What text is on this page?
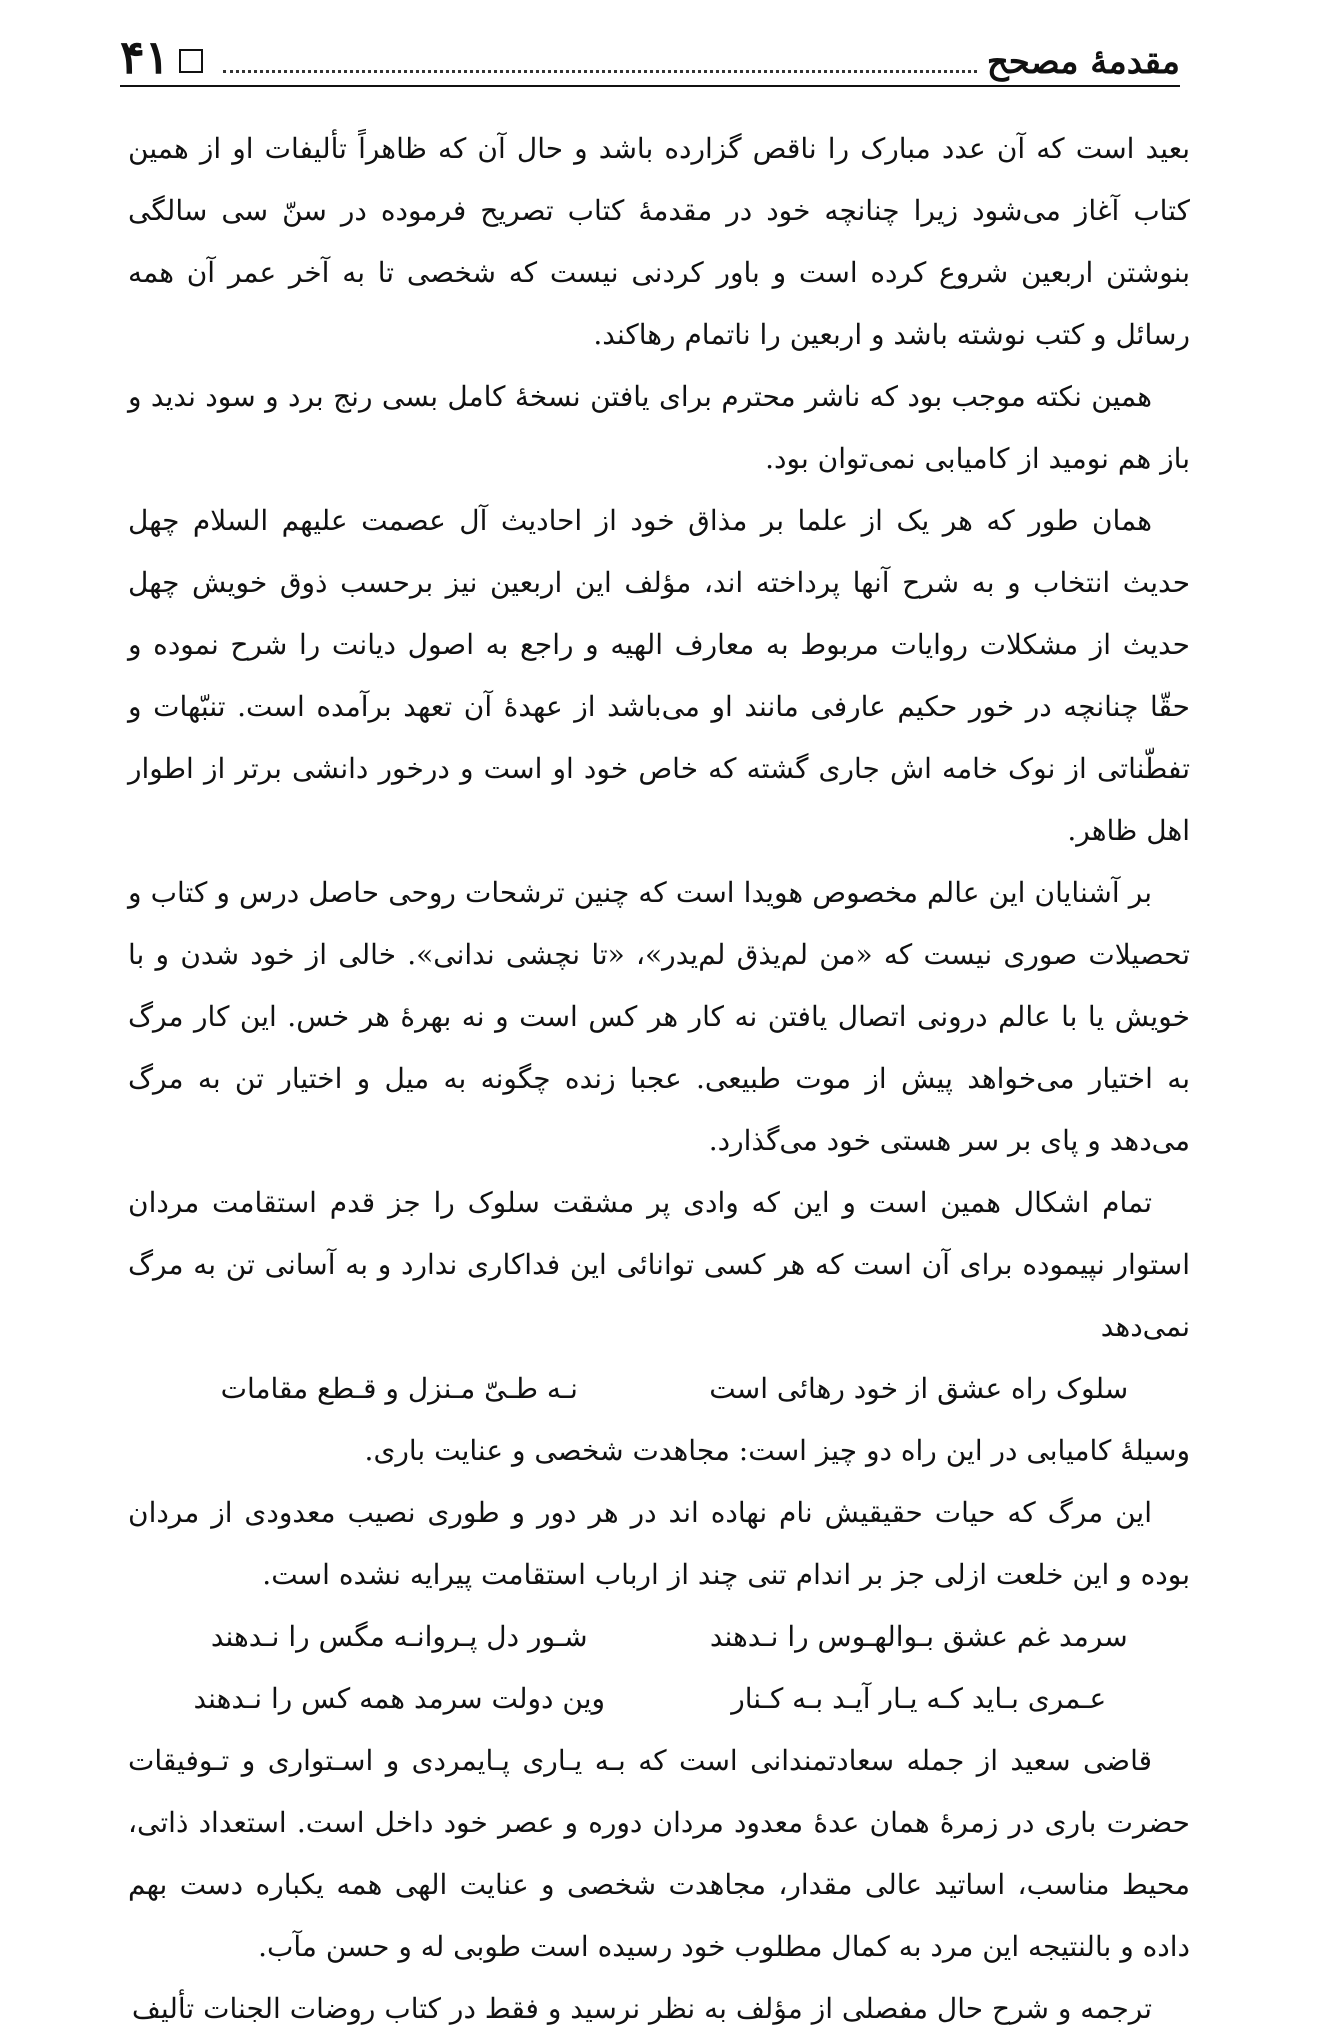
مقدمۀ مصحح
۴۱

بعید است که آن عدد مبارک را ناقص گزارده باشد و حال آن که ظاهراً تألیفات او از همین کتاب آغاز می‌شود زیرا چنانچه خود در مقدمۀ کتاب تصریح فرموده در سنّ سی سالگی بنوشتن اربعین شروع کرده است و باور کردنی نیست که شخصی تا به آخر عمر آن همه رسائل و کتب نوشته باشد و اربعین را ناتمام رهاکند.

همین نکته موجب بود که ناشر محترم برای یافتن نسخۀ کامل بسی رنج برد و سود ندید و باز هم نومید از کامیابی نمی‌توان بود.

همان طور که هر یک از علما بر مذاق خود از احادیث آل عصمت علیهم السلام چهل حدیث انتخاب و به شرح آنها پرداخته اند، مؤلف این اربعین نیز برحسب ذوق خویش چهل حدیث از مشکلات روایات مربوط به معارف الهیه و راجع به اصول دیانت را شرح نموده و حقّا چنانچه در خور حکیم عارفی مانند او می‌باشد از عهدۀ آن تعهد برآمده است. تنبّهات و تفطّناتی از نوک خامه اش جاری گشته که خاص خود او است و درخور دانشی برتر از اطوار اهل ظاهر.

بر آشنایان این عالم مخصوص هویدا است که چنین ترشحات روحی حاصل درس و کتاب و تحصیلات صوری نیست که «من لم‌یذق لم‌یدر»، «تا نچشی ندانی». خالی از خود شدن و با خویش یا با عالم درونی اتصال یافتن نه کار هر کس است و نه بهرۀ هر خس. این کار مرگ به اختیار می‌خواهد پیش از موت طبیعی. عجبا زنده چگونه به میل و اختیار تن به مرگ می‌دهد و پای بر سر هستی خود می‌گذارد.

تمام اشکال همین است و این که وادی پر مشقت سلوک را جز قدم استقامت مردان استوار نپیموده برای آن است که هر کسی توانائی این فداکاری ندارد و به آسانی تن به مرگ نمی‌دهد

سلوک راه عشق از خود رهائی است
نـه طـیّ مـنزل و قـطع مقامات

وسیلۀ کامیابی در این راه دو چیز است: مجاهدت شخصی و عنایت باری.

این مرگ که حیات حقیقیش نام نهاده اند در هر دور و طوری نصیب معدودی از مردان بوده و این خلعت ازلی جز بر اندام تنی چند از ارباب استقامت پیرایه نشده است.

سرمد غم عشق بـوالهـوس را نـدهند
شـور دل پـروانـه مگس را نـدهند
عـمری بـاید کـه یـار آیـد بـه کـنار
وین دولت سرمد همه کس را نـدهند

قاضی سعید از جمله سعادتمندانی است که بـه یـاری پـایمردی و اسـتواری و تـوفیقات حضرت باری در زمرۀ همان عدۀ معدود مردان دوره و عصر خود داخل است. استعداد ذاتی، محیط مناسب، اساتید عالی مقدار، مجاهدت شخصی و عنایت الهی همه یکباره دست بهم داده و بالنتیجه این مرد به کمال مطلوب خود رسیده است طوبی له و حسن مآب.

ترجمه و شرح حال مفصلی از مؤلف به نظر نرسید و فقط در کتاب روضات الجنات تألیف
